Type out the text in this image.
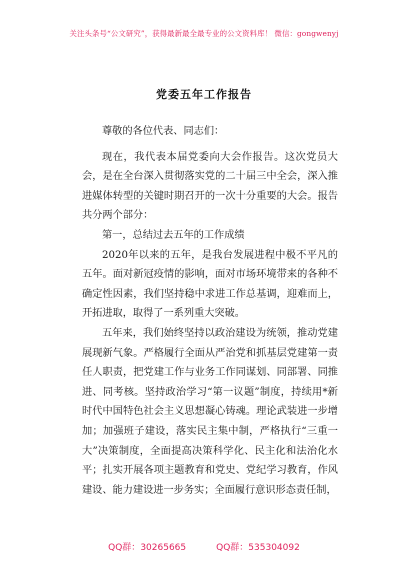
关注头条号“公文研究”，获得最新最全最专业的公文资料库！ 微信：gongwenyj
党委五年工作报告

尊敬的各位代表、同志们：

现在，我代表本届党委向大会作报告。这次党员大会，是在全台深入贯彻落实党的二十届三中全会，深入推进媒体转型的关键时期召开的一次十分重要的大会。报告共分两个部分：

第一，总结过去五年的工作成绩

2020年以来的五年，是我台发展进程中极不平凡的五年。面对新冠疫情的影响，面对市场环境带来的各种不确定性因素，我们坚持稳中求进工作总基调，迎难而上，开拓进取，取得了一系列重大突破。

五年来，我们始终坚持以政治建设为统领，推动党建展现新气象。严格履行全面从严治党和抓基层党建第一责任人职责，把党建工作与业务工作同谋划、同部署、同推进、同考核。坚持政治学习“第一议题”制度，持续用*新时代中国特色社会主义思想凝心铸魂。理论武装进一步增加；加强班子建设，落实民主集中制，严格执行“三重一大”决策制度，全面提高决策科学化、民主化和法治化水平；扎实开展各项主题教育和党史、党纪学习教育，作风建设、能力建设进一步务实；全面履行意识形态责任制，

QQ群：30265665	QQ群：535304092
